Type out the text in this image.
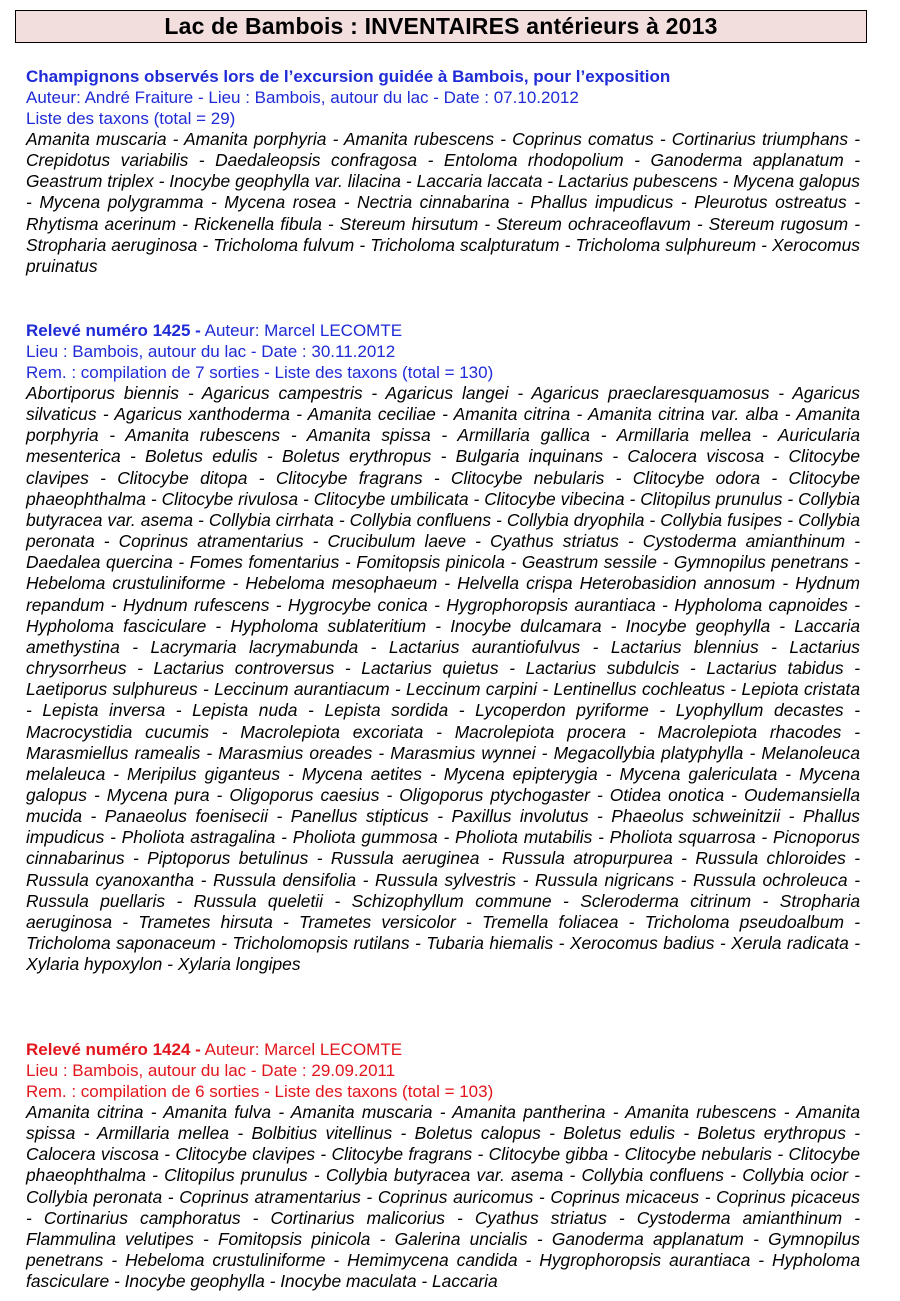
Lac de Bambois : INVENTAIRES antérieurs à 2013
Champignons observés lors de l’excursion guidée à Bambois, pour l’exposition
Auteur: André Fraiture - Lieu : Bambois, autour du lac - Date : 07.10.2012
Liste des taxons (total = 29)

Amanita muscaria - Amanita porphyria - Amanita rubescens - Coprinus comatus - Cortinarius triumphans - Crepidotus variabilis - Daedaleopsis confragosa - Entoloma rhodopolium - Ganoderma applanatum - Geastrum triplex - Inocybe geophylla var. lilacina - Laccaria laccata - Lactarius pubescens - Mycena galopus - Mycena polygramma - Mycena rosea - Nectria cinnabarina - Phallus impudicus - Pleurotus ostreatus - Rhytisma acerinum - Rickenella fibula - Stereum hirsutum - Stereum ochraceoflavum - Stereum rugosum - Stropharia aeruginosa - Tricholoma fulvum - Tricholoma scalpturatum - Tricholoma sulphureum - Xerocomus pruinatus

Relevé numéro 1425 - Auteur: Marcel LECOMTE
Lieu : Bambois, autour du lac - Date : 30.11.2012
Rem. : compilation de 7 sorties - Liste des taxons (total = 130)

Abortiporus biennis - Agaricus campestris - Agaricus langei - Agaricus praeclaresquamosus - Agaricus silvaticus - Agaricus xanthoderma - Amanita ceciliae - Amanita citrina - Amanita citrina var. alba - Amanita porphyria - Amanita rubescens - Amanita spissa - Armillaria gallica - Armillaria mellea - Auricularia mesenterica - Boletus edulis - Boletus erythropus - Bulgaria inquinans - Calocera viscosa - Clitocybe clavipes - Clitocybe ditopa - Clitocybe fragrans - Clitocybe nebularis - Clitocybe odora - Clitocybe phaeophthalma - Clitocybe rivulosa - Clitocybe umbilicata - Clitocybe vibecina - Clitopilus prunulus - Collybia butyracea var. asema - Collybia cirrhata - Collybia confluens - Collybia dryophila - Collybia fusipes - Collybia peronata - Coprinus atramentarius - Crucibulum laeve - Cyathus striatus - Cystoderma amianthinum - Daedalea quercina - Fomes fomentarius - Fomitopsis pinicola - Geastrum sessile - Gymnopilus penetrans - Hebeloma crustuliniforme - Hebeloma mesophaeum - Helvella crispa Heterobasidion annosum - Hydnum repandum - Hydnum rufescens - Hygrocybe conica - Hygrophoropsis aurantiaca - Hypholoma capnoides - Hypholoma fasciculare - Hypholoma sublateritium - Inocybe dulcamara - Inocybe geophylla - Laccaria amethystina - Lacrymaria lacrymabunda - Lactarius aurantiofulvus - Lactarius blennius - Lactarius chrysorrheus - Lactarius controversus - Lactarius quietus - Lactarius subdulcis - Lactarius tabidus - Laetiporus sulphureus - Leccinum aurantiacum - Leccinum carpini - Lentinellus cochleatus - Lepiota cristata - Lepista inversa - Lepista nuda - Lepista sordida - Lycoperdon pyriforme - Lyophyllum decastes - Macrocystidia cucumis - Macrolepiota excoriata - Macrolepiota procera - Macrolepiota rhacodes - Marasmiellus ramealis - Marasmius oreades - Marasmius wynnei - Megacollybia platyphylla - Melanoleuca melaleuca - Meripilus giganteus - Mycena aetites - Mycena epipterygia - Mycena galericulata - Mycena galopus - Mycena pura - Oligoporus caesius - Oligoporus ptychogaster - Otidea onotica - Oudemansiella mucida - Panaeolus foenisecii - Panellus stipticus - Paxillus involutus - Phaeolus schweinitzii - Phallus impudicus - Pholiota astragalina - Pholiota gummosa - Pholiota mutabilis - Pholiota squarrosa - Picnoporus cinnabarinus - Piptoporus betulinus - Russula aeruginea - Russula atropurpurea - Russula chloroides - Russula cyanoxantha - Russula densifolia - Russula sylvestris - Russula nigricans - Russula ochroleuca - Russula puellaris - Russula queletii - Schizophyllum commune - Scleroderma citrinum - Stropharia aeruginosa - Trametes hirsuta - Trametes versicolor - Tremella foliacea - Tricholoma pseudoalbum - Tricholoma saponaceum - Tricholomopsis rutilans - Tubaria hiemalis - Xerocomus badius - Xerula radicata - Xylaria hypoxylon - Xylaria longipes

Relevé numéro 1424 - Auteur: Marcel LECOMTE
Lieu : Bambois, autour du lac - Date : 29.09.2011
Rem. : compilation de 6 sorties - Liste des taxons (total = 103)

Amanita citrina - Amanita fulva - Amanita muscaria - Amanita pantherina - Amanita rubescens - Amanita spissa - Armillaria mellea - Bolbitius vitellinus - Boletus calopus - Boletus edulis - Boletus erythropus - Calocera viscosa - Clitocybe clavipes - Clitocybe fragrans - Clitocybe gibba - Clitocybe nebularis - Clitocybe phaeophthalma - Clitopilus prunulus - Collybia butyracea var. asema - Collybia confluens - Collybia ocior - Collybia peronata - Coprinus atramentarius - Coprinus auricomus - Coprinus micaceus - Coprinus picaceus - Cortinarius camphoratus - Cortinarius malicorius - Cyathus striatus - Cystoderma amianthinum - Flammulina velutipes - Fomitopsis pinicola - Galerina uncialis - Ganoderma applanatum - Gymnopilus penetrans - Hebeloma crustuliniforme - Hemimycena candida - Hygrophoropsis aurantiaca - Hypholoma fasciculare - Inocybe geophylla - Inocybe maculata - Laccaria
